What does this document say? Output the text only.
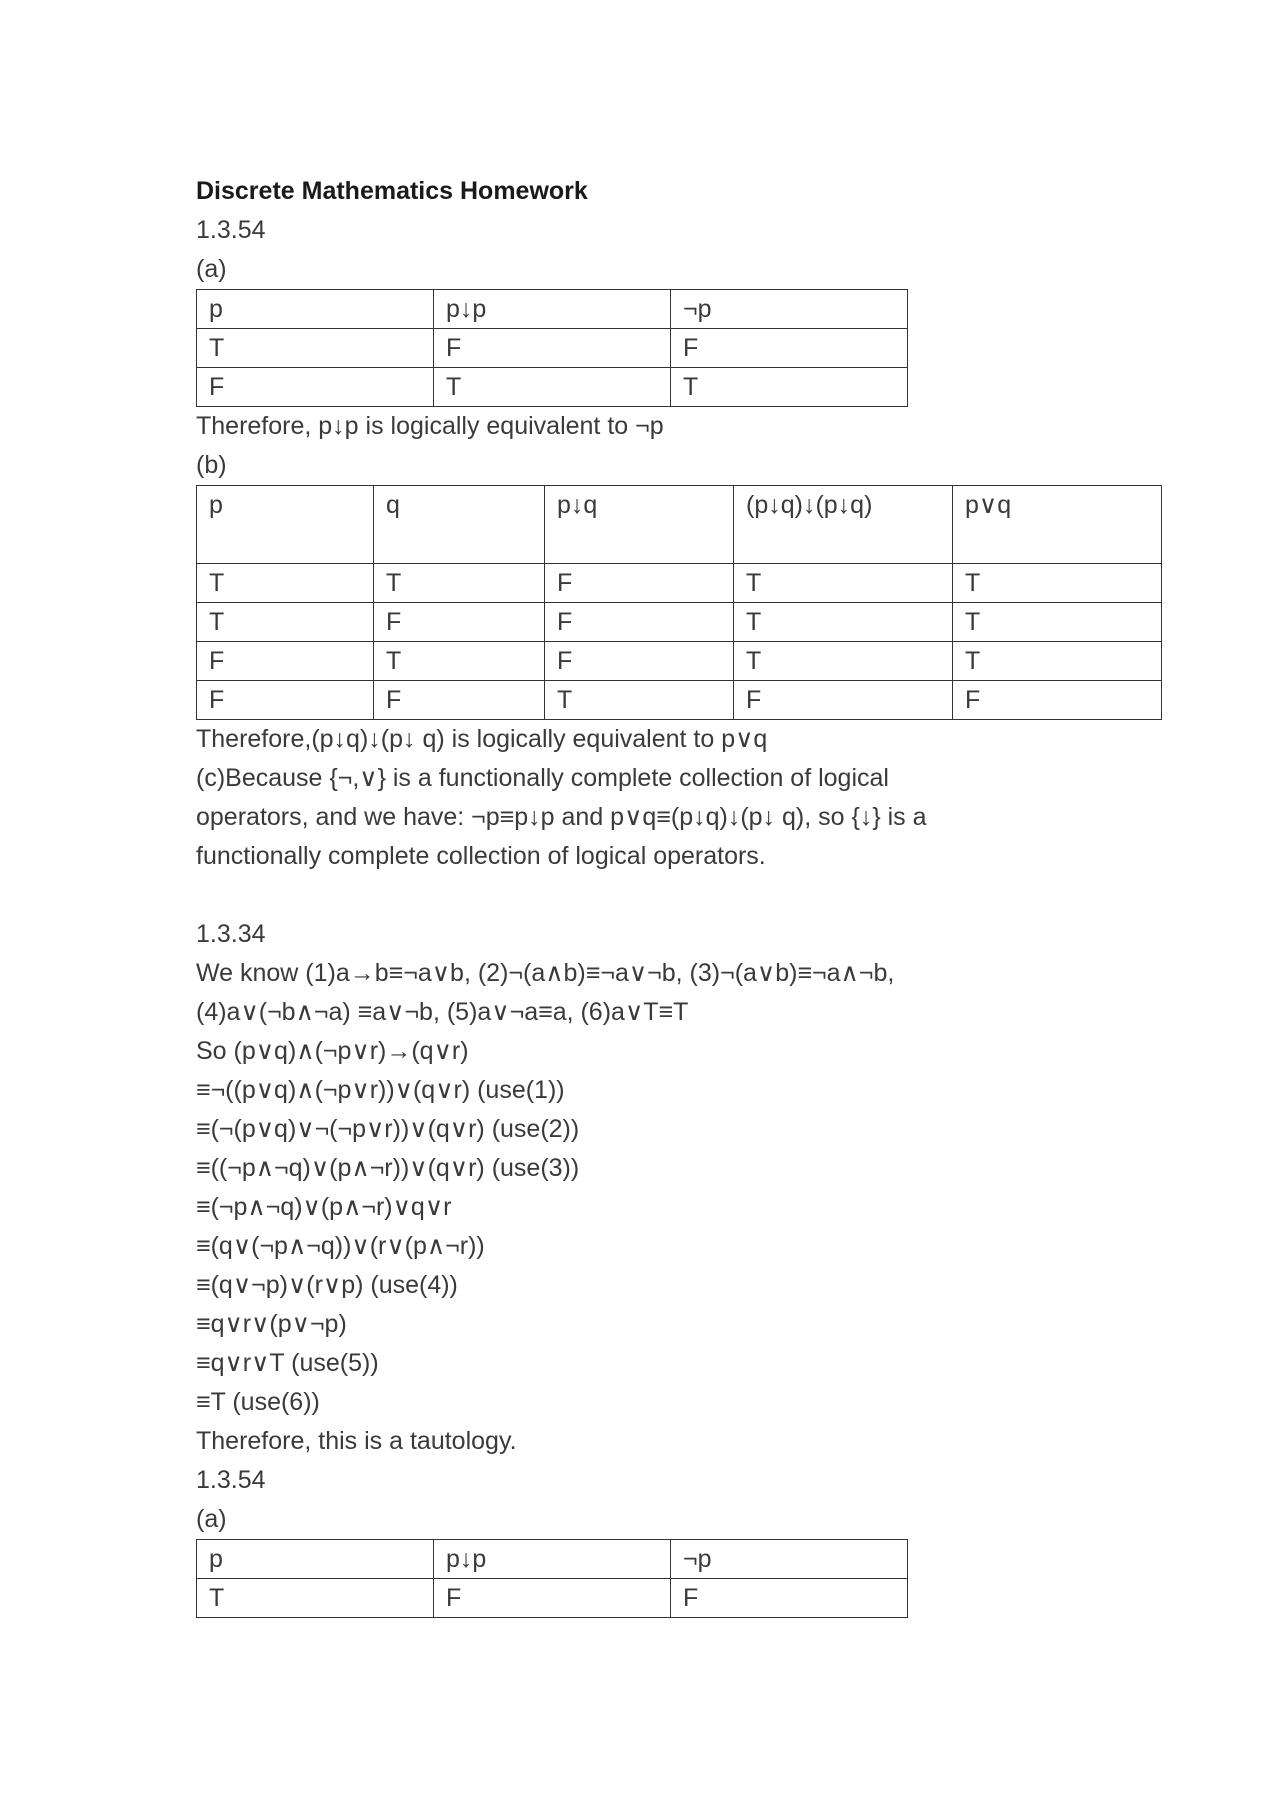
Discrete Mathematics Homework
1.3.54
(a)
p	p↓p	¬p
T	F	F
F	T	T
Therefore, p↓p is logically equivalent to ¬p
(b)
p	q	p↓q	(p↓q)↓(p↓q)	p∨q
T	T	F	T	T
T	F	F	T	T
F	T	F	T	T
F	F	T	F	F
Therefore,(p↓q)↓(p↓ q) is logically equivalent to p∨q
(c)Because {¬,∨} is a functionally complete collection of logical
operators, and we have: ¬p≡p↓p and p∨q≡(p↓q)↓(p↓ q), so {↓} is a
functionally complete collection of logical operators.
1.3.34
We know (1)a→b≡¬a∨b, (2)¬(a∧b)≡¬a∨¬b, (3)¬(a∨b)≡¬a∧¬b,
(4)a∨(¬b∧¬a) ≡a∨¬b, (5)a∨¬a≡a, (6)a∨T≡T
So (p∨q)∧(¬p∨r)→(q∨r)
≡¬((p∨q)∧(¬p∨r))∨(q∨r) (use(1))
≡(¬(p∨q)∨¬(¬p∨r))∨(q∨r) (use(2))
≡((¬p∧¬q)∨(p∧¬r))∨(q∨r) (use(3))
≡(¬p∧¬q)∨(p∧¬r)∨q∨r
≡(q∨(¬p∧¬q))∨(r∨(p∧¬r))
≡(q∨¬p)∨(r∨p) (use(4))
≡q∨r∨(p∨¬p)
≡q∨r∨T (use(5))
≡T (use(6))
Therefore, this is a tautology.
1.3.54
(a)
p	p↓p	¬p
T	F	F
